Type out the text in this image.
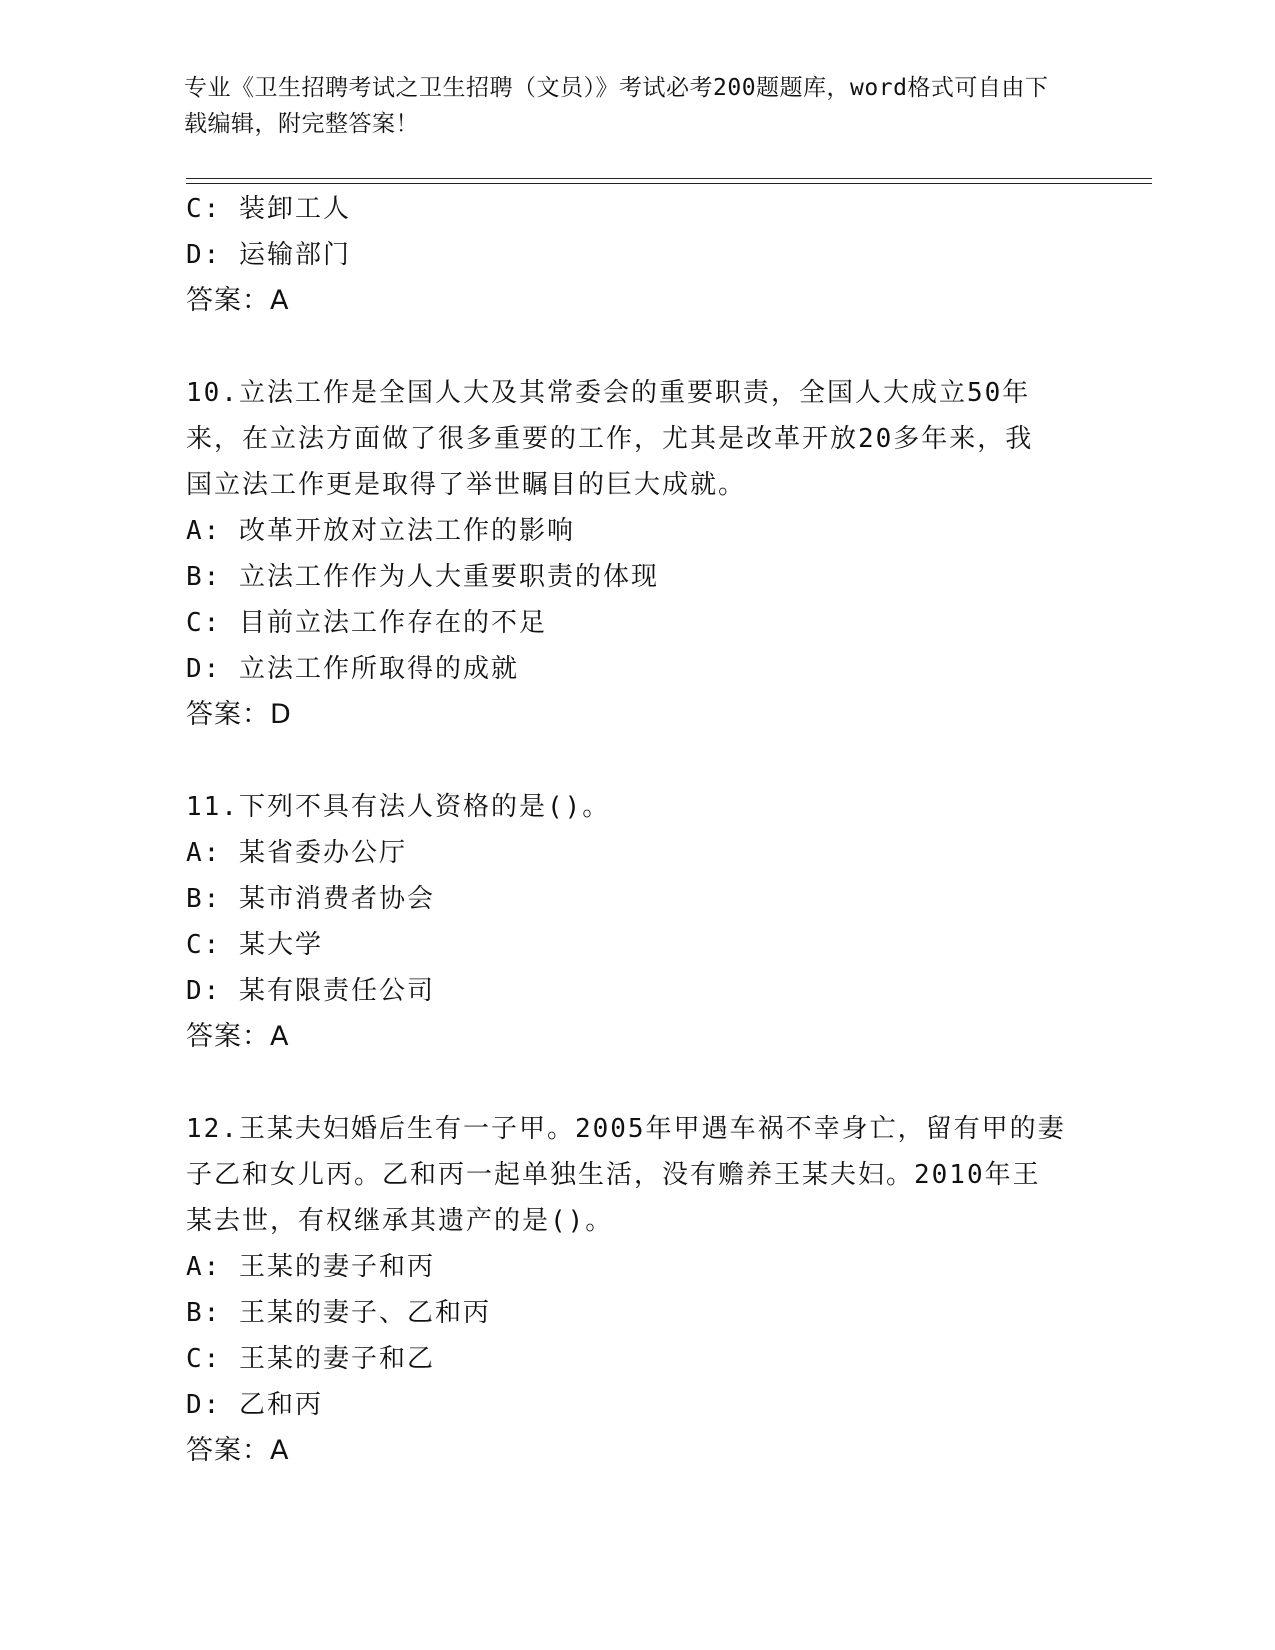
专业《卫生招聘考试之卫生招聘（文员）》考试必考200题题库，word格式可自由下载编辑，附完整答案！
C: 装卸工人
D: 运输部门
答案：A
10.立法工作是全国人大及其常委会的重要职责，全国人大成立50年
来，在立法方面做了很多重要的工作，尤其是改革开放20多年来，我
国立法工作更是取得了举世瞩目的巨大成就。
A: 改革开放对立法工作的影响
B: 立法工作作为人大重要职责的体现
C: 目前立法工作存在的不足
D: 立法工作所取得的成就
答案：D
11.下列不具有法人资格的是()。
A: 某省委办公厅
B: 某市消费者协会
C: 某大学
D: 某有限责任公司
答案：A
12.王某夫妇婚后生有一子甲。2005年甲遇车祸不幸身亡，留有甲的妻
子乙和女儿丙。乙和丙一起单独生活，没有赡养王某夫妇。2010年王
某去世，有权继承其遗产的是()。
A: 王某的妻子和丙
B: 王某的妻子、乙和丙
C: 王某的妻子和乙
D: 乙和丙
答案：A
